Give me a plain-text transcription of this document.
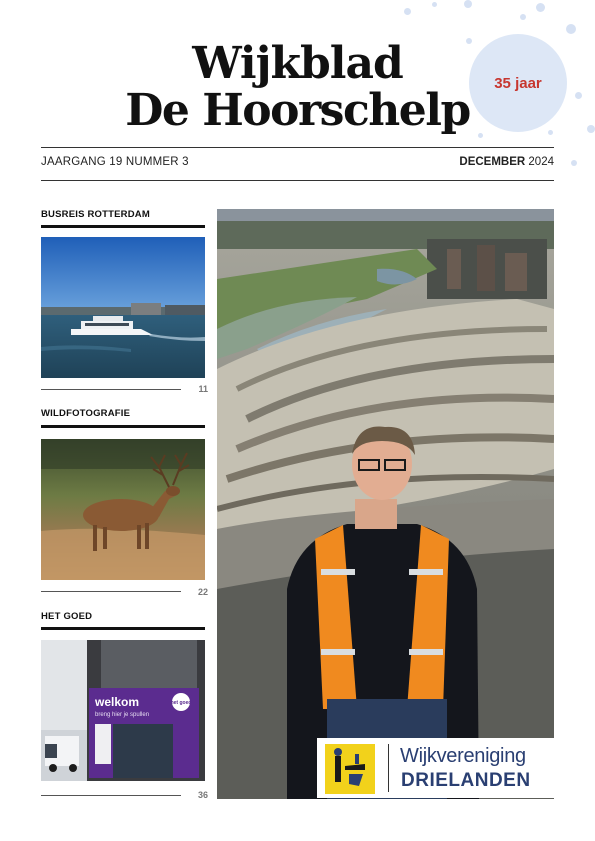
Wijkblad
De Hoorschelp
35 jaar
JAARGANG 19 NUMMER 3	DECEMBER 2024
BUSREIS ROTTERDAM
11
WILDFOTOGRAFIE
22
HET GOED
welkom
breng hier je spullen
het goed
36
Wijkvereniging
DRIELANDEN
